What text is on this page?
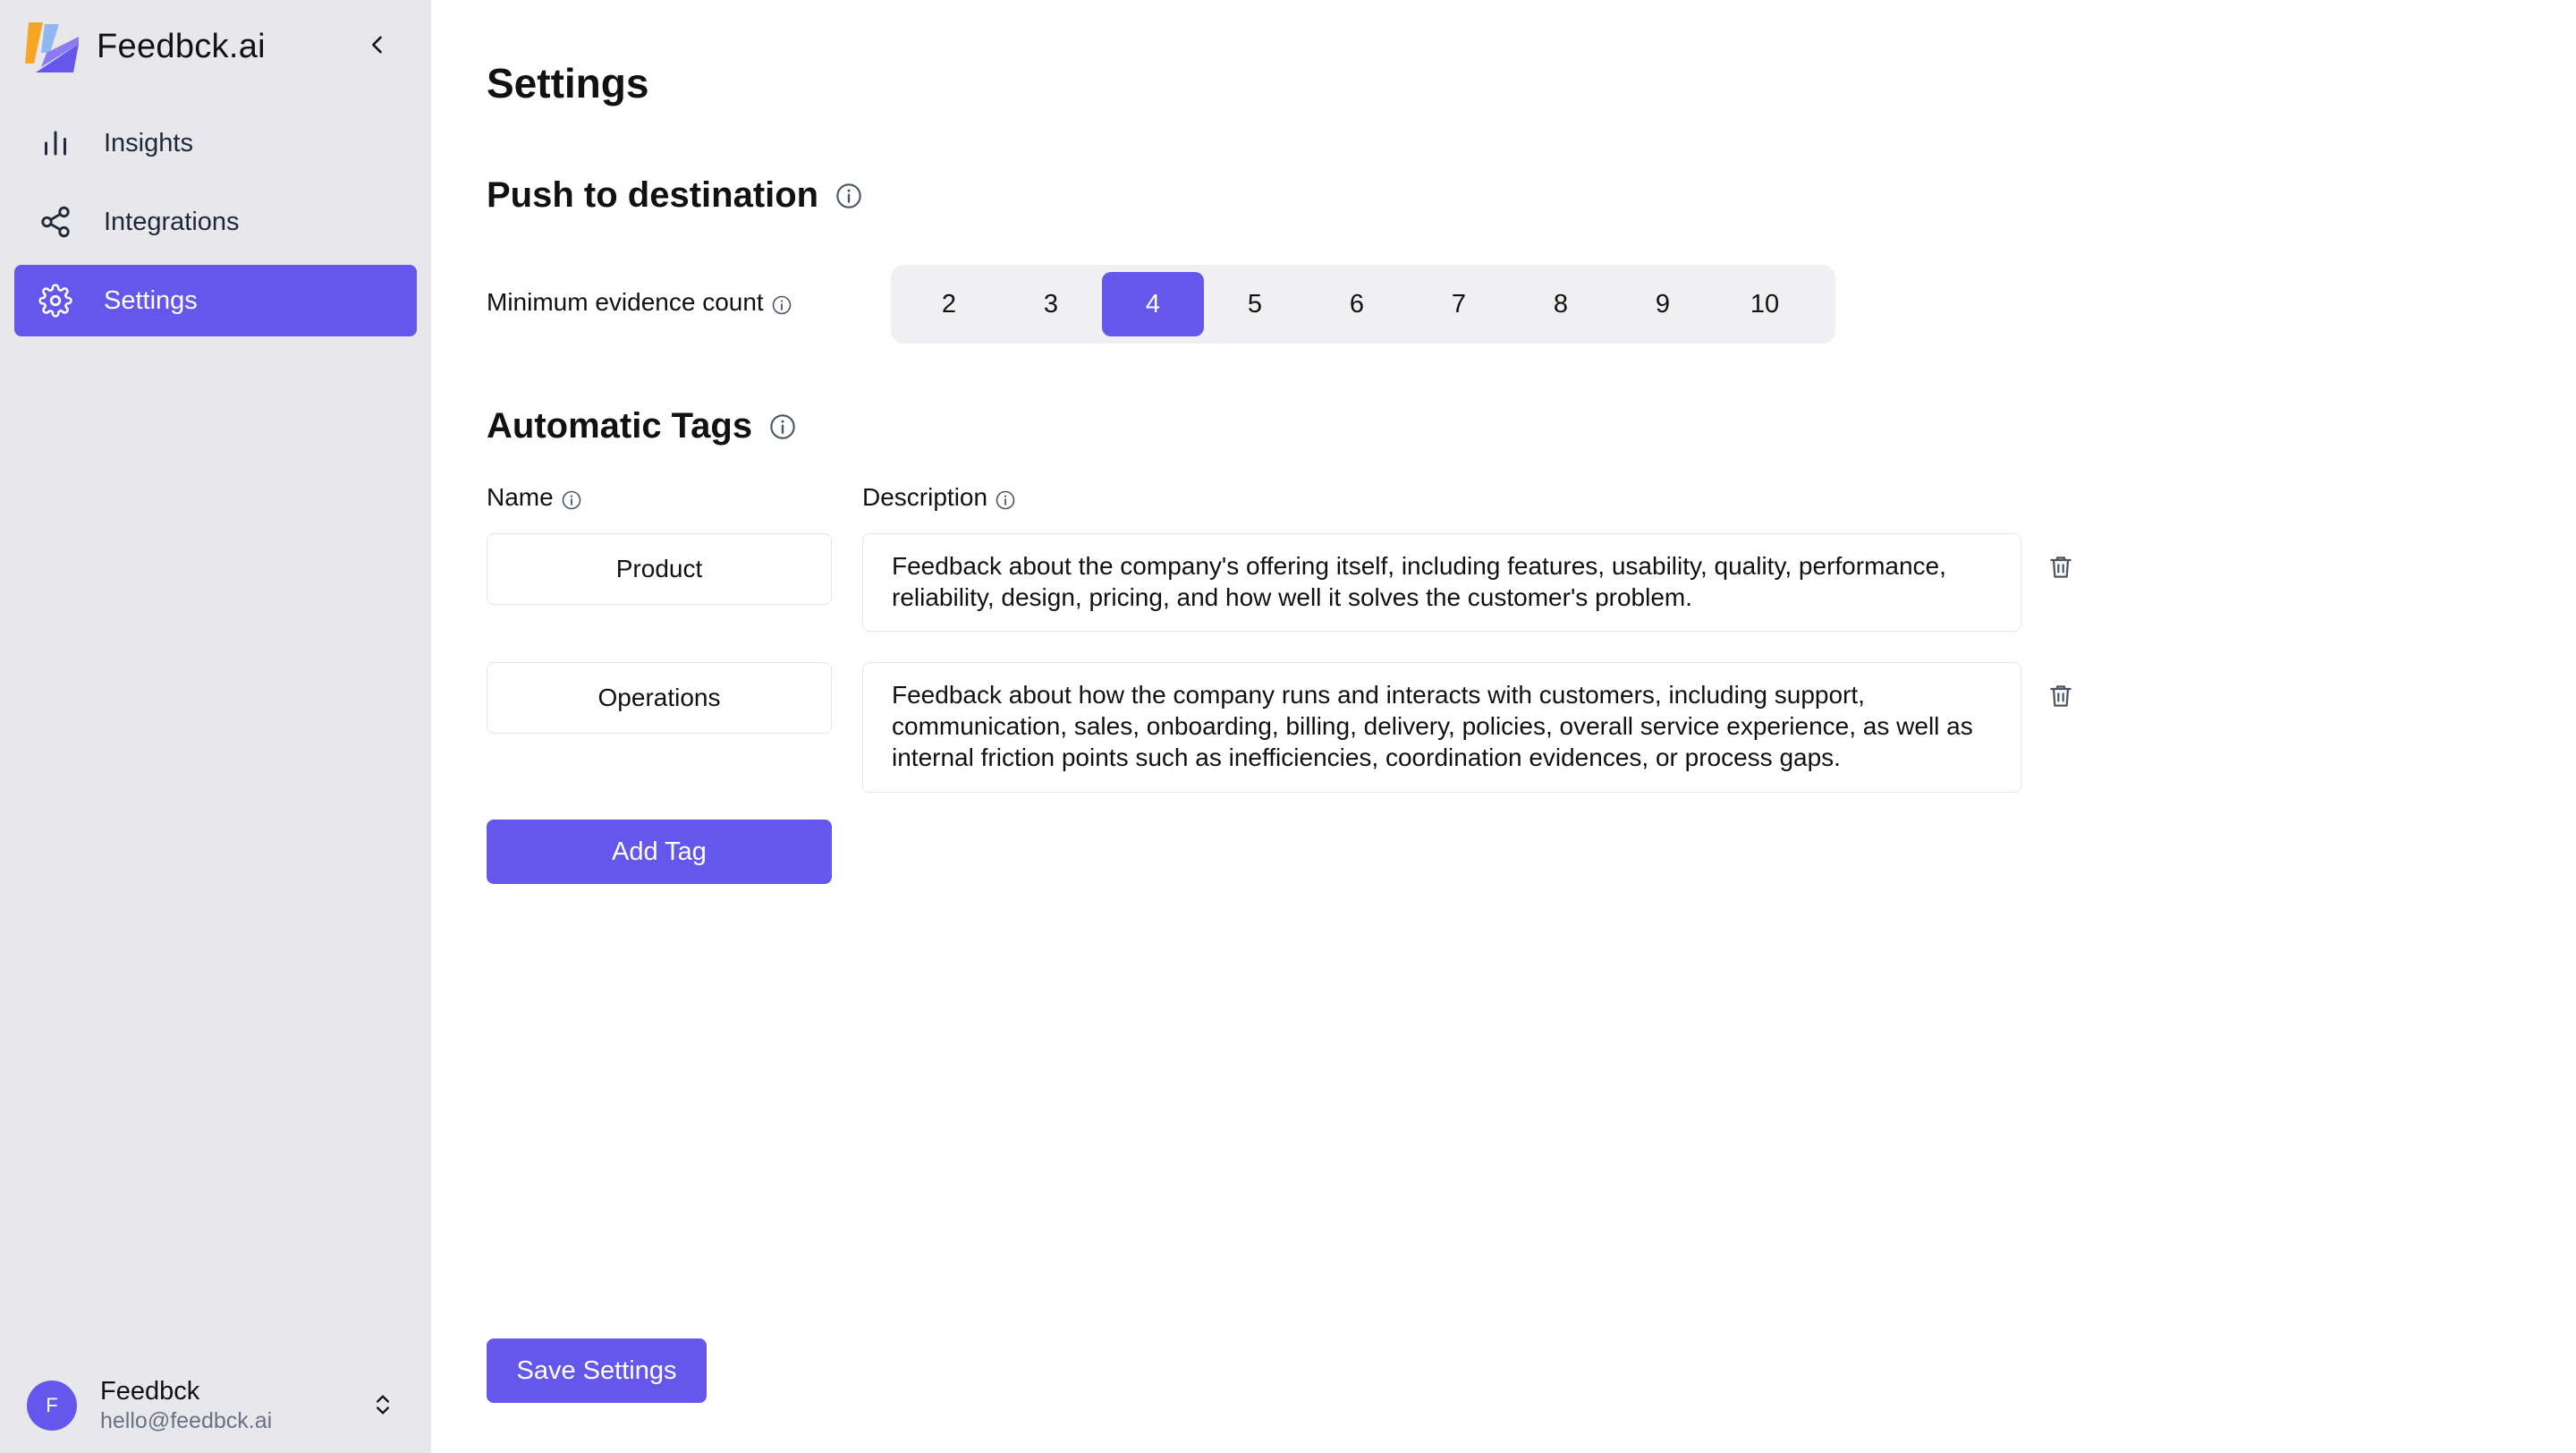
Feedbck.ai
Insights
Integrations
Settings
F	Feedbck
hello@feedbck.ai
Settings
Push to destination
Minimum evidence count	2	3	4	5	6	7	8	9	10
Automatic Tags
Name	Description
Product	Feedback about the company's offering itself, including features, usability, quality, performance, reliability, design, pricing, and how well it solves the customer's problem.
Operations	Feedback about how the company runs and interacts with customers, including support, communication, sales, onboarding, billing, delivery, policies, overall service experience, as well as internal friction points such as inefficiencies, coordination evidences, or process gaps.
Add Tag
Save Settings
